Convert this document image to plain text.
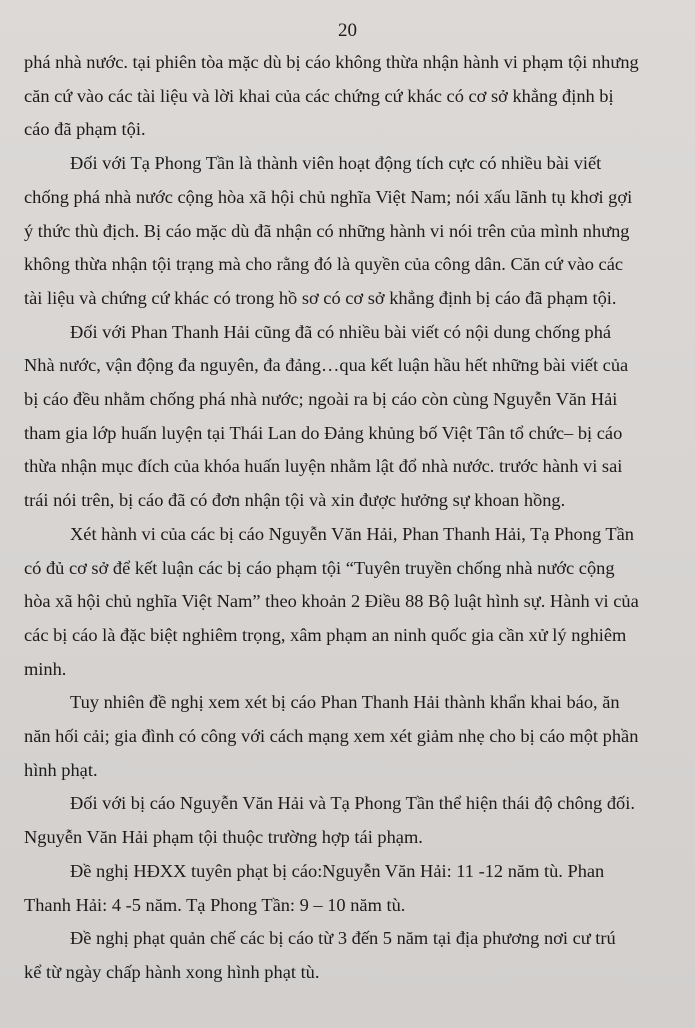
20

phá nhà nước. tại phiên tòa mặc dù bị cáo không thừa nhận hành vi phạm tội nhưng
căn cứ vào các tài liệu và lời khai của các chứng cứ khác có cơ sở khẳng định bị
cáo đã phạm tội.

Đối với Tạ Phong Tần là thành viên hoạt động tích cực có nhiều bài viết
chống phá nhà nước cộng hòa xã hội chủ nghĩa Việt Nam; nói xấu lãnh tụ khơi gợi
ý thức thù địch. Bị cáo mặc dù đã nhận có những hành vi nói trên của mình nhưng
không thừa nhận tội trạng mà cho rằng đó là quyền của công dân. Căn cứ vào các
tài liệu và chứng cứ khác có trong hồ sơ có cơ sở khẳng định bị cáo đã phạm tội.

Đối với Phan Thanh Hải cũng đã có nhiều bài viết có nội dung chống phá
Nhà nước, vận động đa nguyên, đa đảng…qua kết luận hầu hết những bài viết của
bị cáo đều nhằm chống phá nhà nước; ngoài ra bị cáo còn cùng Nguyễn Văn Hải
tham gia lớp huấn luyện tại Thái Lan do Đảng khủng bố Việt Tân tổ chức– bị cáo
thừa nhận mục đích của khóa huấn luyện nhằm lật đổ nhà nước. trước hành vi sai
trái nói trên, bị cáo đã có đơn nhận tội và xin được hưởng sự khoan hồng.

Xét hành vi của các bị cáo Nguyễn Văn Hải, Phan Thanh Hải, Tạ Phong Tần
có đủ cơ sở để kết luận các bị cáo phạm tội “Tuyên truyền chống nhà nước cộng
hòa xã hội chủ nghĩa Việt Nam” theo khoản 2 Điều 88 Bộ luật hình sự. Hành vi của
các bị cáo là đặc biệt nghiêm trọng, xâm phạm an ninh quốc gia cần xử lý nghiêm
minh.

Tuy nhiên đề nghị xem xét bị cáo Phan Thanh Hải thành khẩn khai báo, ăn
năn hối cải; gia đình có công với cách mạng xem xét giảm nhẹ cho bị cáo một phần
hình phạt.

Đối với bị cáo Nguyễn Văn Hải và Tạ Phong Tần thể hiện thái độ chông đối.
Nguyễn Văn Hải phạm tội thuộc trường hợp tái phạm.

Đề nghị HĐXX tuyên phạt bị cáo:Nguyễn Văn Hải: 11 -12 năm tù. Phan
Thanh Hải: 4 -5 năm. Tạ Phong Tần: 9 – 10 năm tù.

Đề nghị phạt quản chế các bị cáo từ 3 đến 5 năm tại địa phương nơi cư trú
kể từ ngày chấp hành xong hình phạt tù.
